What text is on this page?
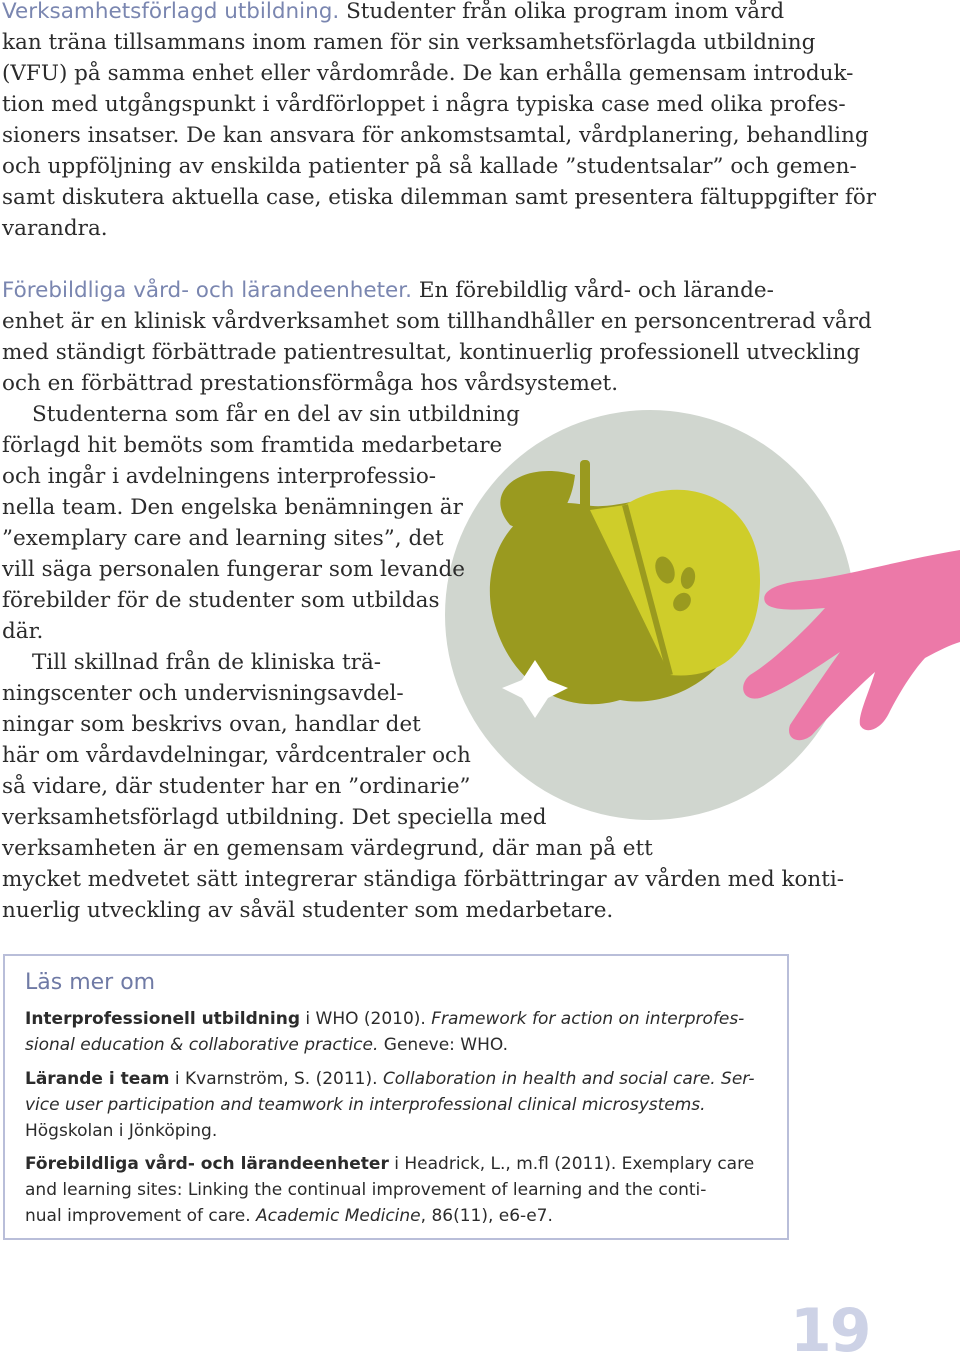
Verksamhetsförlagd utbildning. Studenter från olika program inom vård

kan träna tillsammans inom ramen för sin verksamhetsförlagda utbildning

(VFU) på samma enhet eller vårdområde. De kan erhålla gemensam introduk-

tion med utgångspunkt i vårdförloppet i några typiska case med olika profes-

sioners insatser. De kan ansvara för ankomstsamtal, vårdplanering, behandling

och uppföljning av enskilda patienter på så kallade ”studentsalar” och gemen-

samt diskutera aktuella case, etiska dilemman samt presentera fältuppgifter för

varandra.

Förebildliga vård- och lärandeenheter. En förebildlig vård- och lärande-

enhet är en klinisk vårdverksamhet som tillhandhåller en personcentrerad vård

med ständigt förbättrade patientresultat, kontinuerlig professionell utveckling

och en förbättrad prestationsförmåga hos vårdsystemet.

Studenterna som får en del av sin utbildning

förlagd hit bemöts som framtida medarbetare

och ingår i avdelningens interprofessio-

nella team. Den engelska benämningen är

”exemplary care and learning sites”, det

vill säga personalen fungerar som levande

förebilder för de studenter som utbildas

där.

Till skillnad från de kliniska trä-

ningscenter och undervisningsavdel-

ningar som beskrivs ovan, handlar det

här om vårdavdelningar, vårdcentraler och

så vidare, där studenter har en ”ordinarie”

verksamhetsförlagd utbildning. Det speciella med

verksamheten är en gemensam värdegrund, där man på ett

mycket medvetet sätt integrerar ständiga förbättringar av vården med konti-

nuerlig utveckling av såväl studenter som medarbetare.

Läs mer om

Interprofessionell utbildning i WHO (2010). Framework for action on interprofes-

sional education & collaborative practice. Geneve: WHO.

Lärande i team i Kvarnström, S. (2011). Collaboration in health and social care. Ser-

vice user participation and teamwork in interprofessional clinical microsystems.

Högskolan i Jönköping.

Förebildliga vård- och lärandeenheter i Headrick, L., m.fl (2011). Exemplary care

and learning sites: Linking the continual improvement of learning and the conti-

nual improvement of care. Academic Medicine, 86(11), e6-e7.

19
